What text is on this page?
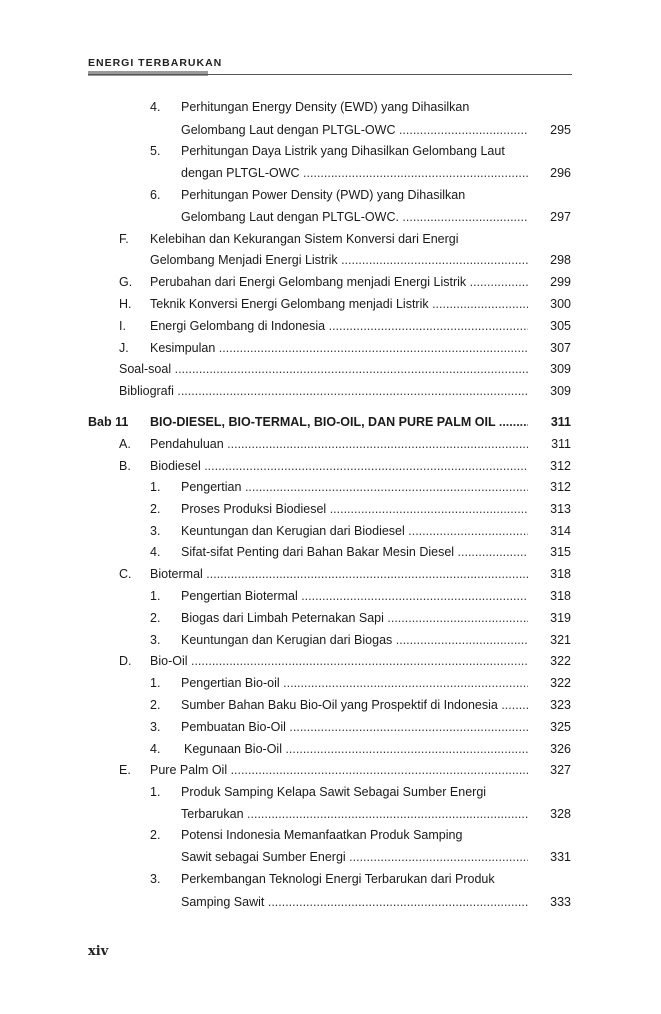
ENERGI TERBARUKAN
4. Perhitungan Energy Density (EWD) yang Dihasilkan
Gelombang Laut dengan PLTGL-OWC .....	295
5. Perhitungan Daya Listrik yang Dihasilkan Gelombang Laut
dengan PLTGL-OWC .....	296
6. Perhitungan Power Density (PWD) yang Dihasilkan
Gelombang Laut dengan PLTGL-OWC. .....	297
F. Kelebihan dan Kekurangan Sistem Konversi dari Energi
Gelombang Menjadi Energi Listrik .....	298
G. Perubahan dari Energi Gelombang menjadi Energi Listrik .....	299
H. Teknik Konversi Energi Gelombang menjadi Listrik .....	300
I. Energi Gelombang di Indonesia .....	305
J. Kesimpulan .....	307
Soal-soal .....	309
Bibliografi .....	309
Bab 11 BIO-DIESEL, BIO-TERMAL, BIO-OIL, DAN PURE PALM OIL .....	311
A. Pendahuluan .....	311
B. Biodiesel .....	312
1. Pengertian .....	312
2. Proses Produksi Biodiesel .....	313
3. Keuntungan dan Kerugian dari Biodiesel .....	314
4. Sifat-sifat Penting dari Bahan Bakar Mesin Diesel .....	315
C. Biotermal .....	318
1. Pengertian Biotermal .....	318
2. Biogas dari Limbah Peternakan Sapi .....	319
3. Keuntungan dan Kerugian dari Biogas .....	321
D. Bio-Oil .....	322
1. Pengertian Bio-oil .....	322
2. Sumber Bahan Baku Bio-Oil yang Prospektif di Indonesia .....	323
3. Pembuatan Bio-Oil .....	325
4. Kegunaan Bio-Oil .....	326
E. Pure Palm Oil .....	327
1. Produk Samping Kelapa Sawit Sebagai Sumber Energi
Terbarukan .....	328
2. Potensi Indonesia Memanfaatkan Produk Samping
Sawit sebagai Sumber Energi .....	331
3. Perkembangan Teknologi Energi Terbarukan dari Produk
Samping Sawit .....	333
xiv
